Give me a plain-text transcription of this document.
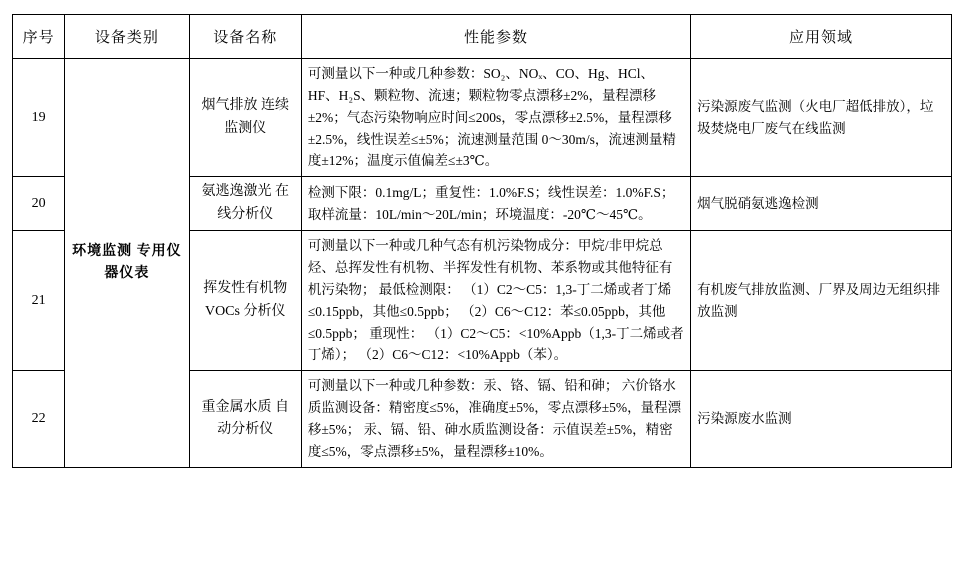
序号	设备类别	设备名称	性能参数	应用领域
19	环境监测 专用仪器仪表	烟气排放 连续监测仪	可测量以下一种或几种参数：SO₂、NOₓ、CO、Hg、HCl、HF、H₂S、颗粒物、流速；颗粒物零点漂移±2%，量程漂移±2%；气态污染物响应时间≤200s，零点漂移±2.5%，量程漂移±2.5%，线性误差≤±5%；流速测量范围 0～30m/s，流速测量精度±12%；温度示值偏差≤±3℃。	污染源废气监测（火电厂超低排放），垃圾焚烧电厂废气在线监测
20		氨逃逸激光 在线分析仪	检测下限：0.1mg/L；重复性：1.0%F.S；线性误差：1.0%F.S；取样流量：10L/min～20L/min；环境温度：-20℃～45℃。	烟气脱硝氨逃逸检测
21		挥发性有机物 VOCs 分析仪	可测量以下一种或几种气态有机污染物成分：甲烷/非甲烷总烃、总挥发性有机物、半挥发性有机物、苯系物或其他特征有机污染物； 最低检测限： （1）C2～C5：1,3-丁二烯或者丁烯≤0.15ppb，其他≤0.5ppb； （2）C6～C12：苯≤0.05ppb，其他≤0.5ppb； 重现性： （1）C2～C5：<10%Appb（1,3-丁二烯或者丁烯）； （2）C6～C12：<10%Appb（苯）。	有机废气排放监测、厂界及周边无组织排放监测
22		重金属水质 自动分析仪	可测量以下一种或几种参数：汞、铬、镉、铅和砷； 六价铬水质监测设备：精密度≤5%，准确度±5%，零点漂移±5%，量程漂移±5%； 汞、镉、铅、砷水质监测设备：示值误差±5%，精密度≤5%，零点漂移±5%，量程漂移±10%。	污染源废水监测
